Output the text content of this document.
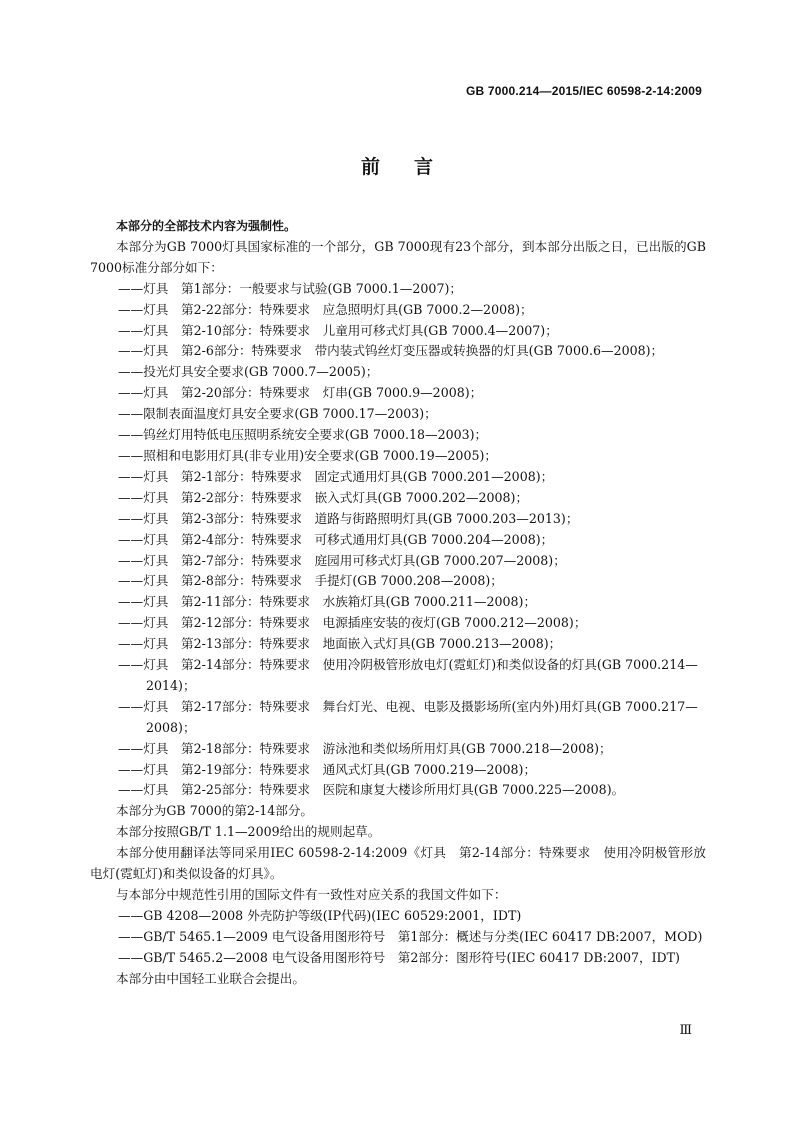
GB 7000.214—2015/IEC 60598-2-14:2009
前 言

本部分的全部技术内容为强制性。

本部分为GB 7000灯具国家标准的一个部分，GB 7000现有23个部分，到本部分出版之日，已出版的GB 7000标准分部分如下：

——灯具　第1部分：一般要求与试验(GB 7000.1—2007)；

——灯具　第2-22部分：特殊要求　应急照明灯具(GB 7000.2—2008)；

——灯具　第2-10部分：特殊要求　儿童用可移式灯具(GB 7000.4—2007)；

——灯具　第2-6部分：特殊要求　带内装式钨丝灯变压器或转换器的灯具(GB 7000.6—2008)；

——投光灯具安全要求(GB 7000.7—2005)；

——灯具　第2-20部分：特殊要求　灯串(GB 7000.9—2008)；

——限制表面温度灯具安全要求(GB 7000.17—2003)；

——钨丝灯用特低电压照明系统安全要求(GB 7000.18—2003)；

——照相和电影用灯具(非专业用)安全要求(GB 7000.19—2005)；

——灯具　第2-1部分：特殊要求　固定式通用灯具(GB 7000.201—2008)；

——灯具　第2-2部分：特殊要求　嵌入式灯具(GB 7000.202—2008)；

——灯具　第2-3部分：特殊要求　道路与街路照明灯具(GB 7000.203—2013)；

——灯具　第2-4部分：特殊要求　可移式通用灯具(GB 7000.204—2008)；

——灯具　第2-7部分：特殊要求　庭园用可移式灯具(GB 7000.207—2008)；

——灯具　第2-8部分：特殊要求　手提灯(GB 7000.208—2008)；

——灯具　第2-11部分：特殊要求　水族箱灯具(GB 7000.211—2008)；

——灯具　第2-12部分：特殊要求　电源插座安装的夜灯(GB 7000.212—2008)；

——灯具　第2-13部分：特殊要求　地面嵌入式灯具(GB 7000.213—2008)；

——灯具　第2-14部分：特殊要求　使用冷阴极管形放电灯(霓虹灯)和类似设备的灯具(GB 7000.214—2014)；

——灯具　第2-17部分：特殊要求　舞台灯光、电视、电影及摄影场所(室内外)用灯具(GB 7000.217—2008)；

——灯具　第2-18部分：特殊要求　游泳池和类似场所用灯具(GB 7000.218—2008)；

——灯具　第2-19部分：特殊要求　通风式灯具(GB 7000.219—2008)；

——灯具　第2-25部分：特殊要求　医院和康复大楼诊所用灯具(GB 7000.225—2008)。

本部分为GB 7000的第2-14部分。

本部分按照GB/T 1.1—2009给出的规则起草。

本部分使用翻译法等同采用IEC 60598-2-14:2009《灯具　第2-14部分：特殊要求　使用冷阴极管形放电灯(霓虹灯)和类似设备的灯具》。

与本部分中规范性引用的国际文件有一致性对应关系的我国文件如下：

——GB 4208—2008 外壳防护等级(IP代码)(IEC 60529:2001，IDT)

——GB/T 5465.1—2009 电气设备用图形符号　第1部分：概述与分类(IEC 60417 DB:2007，MOD)

——GB/T 5465.2—2008 电气设备用图形符号　第2部分：图形符号(IEC 60417 DB:2007，IDT)

本部分由中国轻工业联合会提出。

Ⅲ
